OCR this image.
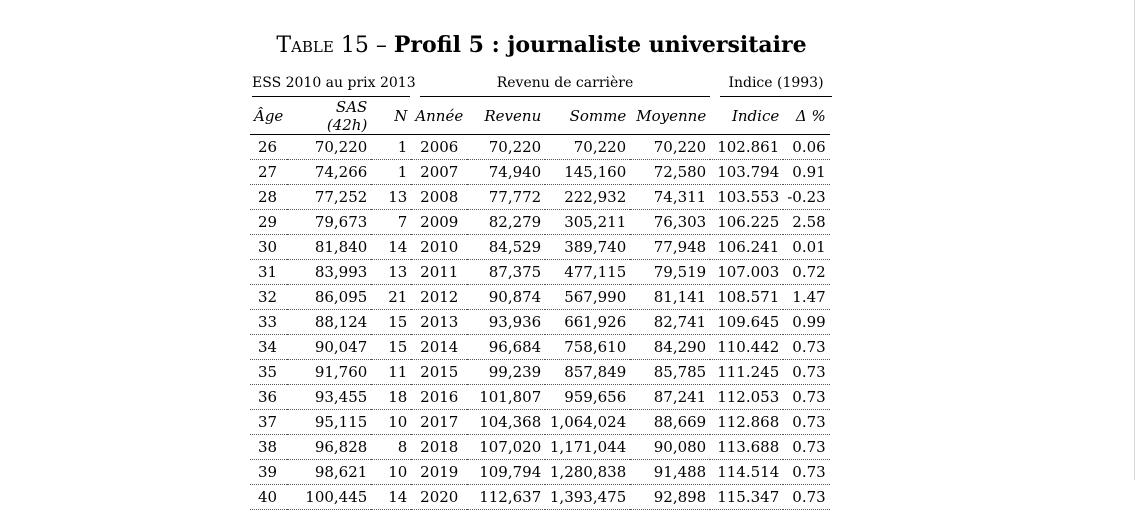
Table 15 – Profil 5 : journaliste universitaire
ESS 2010 au prix 2013	Revenu de carrière	Indice (1993)
Âge	SAS (42h)	N	Année	Revenu	Somme	Moyenne	Indice	Δ %
26	70,220	1	2006	70,220	70,220	70,220	102.861	0.06
27	74,266	1	2007	74,940	145,160	72,580	103.794	0.91
28	77,252	13	2008	77,772	222,932	74,311	103.553	-0.23
29	79,673	7	2009	82,279	305,211	76,303	106.225	2.58
30	81,840	14	2010	84,529	389,740	77,948	106.241	0.01
31	83,993	13	2011	87,375	477,115	79,519	107.003	0.72
32	86,095	21	2012	90,874	567,990	81,141	108.571	1.47
33	88,124	15	2013	93,936	661,926	82,741	109.645	0.99
34	90,047	15	2014	96,684	758,610	84,290	110.442	0.73
35	91,760	11	2015	99,239	857,849	85,785	111.245	0.73
36	93,455	18	2016	101,807	959,656	87,241	112.053	0.73
37	95,115	10	2017	104,368	1,064,024	88,669	112.868	0.73
38	96,828	8	2018	107,020	1,171,044	90,080	113.688	0.73
39	98,621	10	2019	109,794	1,280,838	91,488	114.514	0.73
40	100,445	14	2020	112,637	1,393,475	92,898	115.347	0.73
